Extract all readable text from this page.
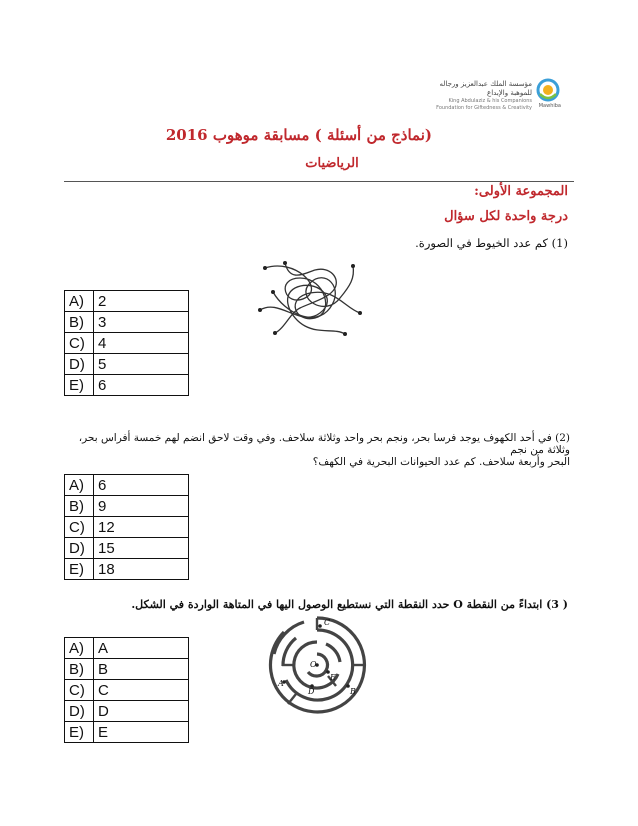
مؤسسة الملك عبدالعزيز ورجاله للموهبة والإبداع
King Abdulaziz & his Companions Foundation for Giftedness & Creativity Mawhiba
(نماذج من أسئلة ) مسابقة موهوب 2016
الرياضيات
المجموعة الأولى:
درجة واحدة لكل سؤال
(1) كم عدد الخيوط في الصورة.
A)	2
B)	3
C)	4
D)	5
E)	6
(2) في أحد الكهوف يوجد فرسا بحر، ونجم بحر واحد وثلاثة سلاحف. وفي وقت لاحق انضم لهم خمسة أفراس بحر، وثلاثة من نجم
البحر وأربعة سلاحف. كم عدد الحيوانات البحرية في الكهف؟
A)	6
B)	9
C)	12
D)	15
E)	18
( 3) ابتداءً من النقطة O حدد النقطة التي نستطيع الوصول اليها في المتاهة الواردة في الشكل.
O
A
B
C
D
E
A)	A
B)	B
C)	C
D)	D
E)	E
